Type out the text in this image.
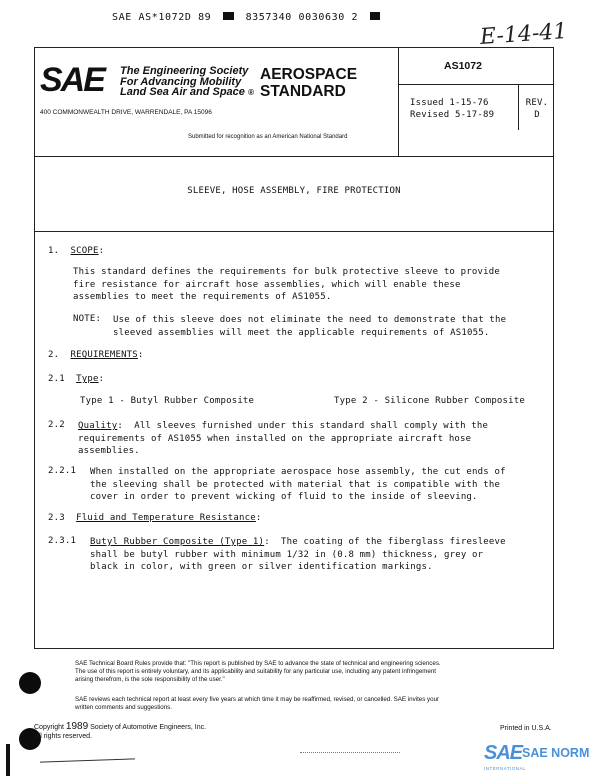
SAE AS*1072D 89	8357340 0030630 2
E-14-41
SAE The Engineering Society
For Advancing Mobility
Land Sea Air and Space ®
AEROSPACE
STANDARD
400 COMMONWEALTH DRIVE, WARRENDALE, PA 15096
Submitted for recognition as an American National Standard
AS1072
Issued 1-15-76
Revised 5-17-89
REV.
D
SLEEVE, HOSE ASSEMBLY, FIRE PROTECTION
1. SCOPE:
This standard defines the requirements for bulk protective sleeve to provide
fire resistance for aircraft hose assemblies, which will enable these
assemblies to meet the requirements of AS1055.
NOTE: Use of this sleeve does not eliminate the need to demonstrate that the
sleeved assemblies will meet the applicable requirements of AS1055.
2. REQUIREMENTS:
2.1 Type:
Type 1 - Butyl Rubber Composite	Type 2 - Silicone Rubber Composite
2.2 Quality:  All sleeves furnished under this standard shall comply with the
requirements of AS1055 when installed on the appropriate aircraft hose
assemblies.
2.2.1 When installed on the appropriate aerospace hose assembly, the cut ends of
the sleeving shall be protected with material that is compatible with the
cover in order to prevent wicking of fluid to the inside of sleeving.
2.3 Fluid and Temperature Resistance:
2.3.1 Butyl Rubber Composite (Type 1):  The coating of the fiberglass firesleeve
shall be butyl rubber with minimum 1/32 in (0.8 mm) thickness, grey or
black in color, with green or silver identification markings.
SAE Technical Board Rules provide that: "This report is published by SAE to advance the state of technical and engineering sciences.
The use of this report is entirely voluntary, and its applicability and suitability for any particular use, including any patent infringement
arising therefrom, is the sole responsibility of the user."
SAE reviews each technical report at least every five years at which time it may be reaffirmed, revised, or cancelled. SAE invites your
written comments and suggestions.
Copyright 1989 Society of Automotive Engineers, Inc.
All rights reserved.
Printed in U.S.A.
SAE SAE NORM
INTERNATIONAL
